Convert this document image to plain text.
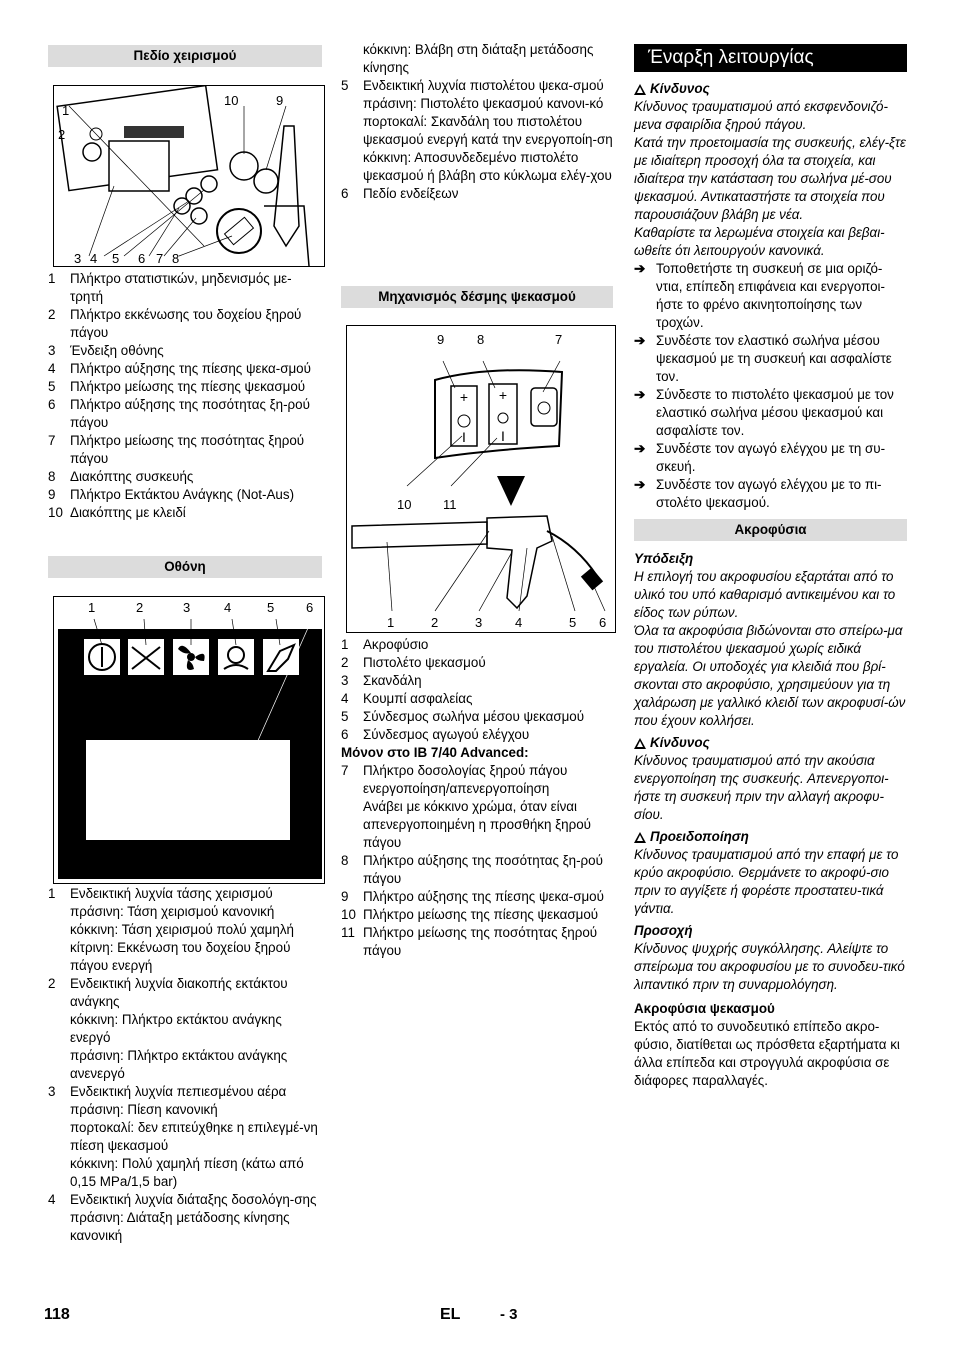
Πεδίο χειρισμού
1
2
10	9
3 4 5 6 7 8
1	Πλήκτρο στατιστικών, μηδενισμός με-τρητή
2	Πλήκτρο εκκένωσης του δοχείου ξηρού πάγου
3	Ένδειξη οθόνης
4	Πλήκτρο αύξησης της πίεσης ψεκα-σμού
5	Πλήκτρο μείωσης της πίεσης ψεκασμού
6	Πλήκτρο αύξησης της ποσότητας ξη-ρού πάγου
7	Πλήκτρο μείωσης της ποσότητας ξηρού πάγου
8	Διακόπτης συσκευής
9	Πλήκτρο Εκτάκτου Ανάγκης (Not-Aus)
10 Διακόπτης με κλειδί
Οθόνη
1	2	3	4	5 6
1	Ενδεικτική λυχνία τάσης χειρισμού
πράσινη: Τάση χειρισμού κανονική
κόκκινη: Τάση χειρισμού πολύ χαμηλή
κίτρινη: Εκκένωση του δοχείου ξηρού πάγου ενεργή
2	Ενδεικτική λυχνία διακοπής εκτάκτου ανάγκης
κόκκινη: Πλήκτρο εκτάκτου ανάγκης ενεργό
πράσινη: Πλήκτρο εκτάκτου ανάγκης ανενεργό
3	Ενδεικτική λυχνία πεπιεσμένου αέρα
πράσινη: Πίεση κανονική
πορτοκαλί: δεν επιτεύχθηκε η επιλεγμέ-νη πίεση ψεκασμού
κόκκινη: Πολύ χαμηλή πίεση (κάτω από 0,15 MPa/1,5 bar)
4	Ενδεικτική λυχνία διάταξης δοσολόγη-σης
πράσινη: Διάταξη μετάδοσης κίνησης κανονική
κόκκινη: Βλάβη στη διάταξη μετάδοσης κίνησης
5	Ενδεικτική λυχνία πιστολέτου ψεκα-σμού
πράσινη: Πιστολέτο ψεκασμού κανονι-κό
πορτοκαλί: Σκανδάλη του πιστολέτου ψεκασμού ενεργή κατά την ενεργοποίη-ση
κόκκινη: Αποσυνδεδεμένο πιστολέτο ψεκασμού ή βλάβη στο κύκλωμα ελέγ-χου
6	Πεδίο ενδείξεων
Μηχανισμός δέσμης ψεκασμού
+
I
+
I
9	8	7
10 11
1	2	3	4	5 6
1	Ακροφύσιο
2	Πιστολέτο ψεκασμού
3	Σκανδάλη
4	Κουμπί ασφαλείας
5	Σύνδεσμος σωλήνα μέσου ψεκασμού
6	Σύνδεσμος αγωγού ελέγχου
Μόνον στο IB 7/40 Advanced:
7	Πλήκτρο δοσολογίας ξηρού πάγου ενεργοποίηση/απενεργοποίηση
Ανάβει με κόκκινο χρώμα, όταν είναι απενεργοποιημένη η προσθήκη ξηρού πάγου
8	Πλήκτρο αύξησης της ποσότητας ξη-ρού πάγου
9	Πλήκτρο αύξησης της πίεσης ψεκα-σμού
10 Πλήκτρο μείωσης της πίεσης ψεκασμού
11 Πλήκτρο μείωσης της ποσότητας ξηρού πάγου
Έναρξη λειτουργίας
Κίνδυνος
Κίνδυνος τραυματισμού από εκσφενδονιζό-μενα σφαιρίδια ξηρού πάγου.
Κατά την προετοιμασία της συσκευής, ελέγ-ξτε με ιδιαίτερη προσοχή όλα τα στοιχεία, και ιδιαίτερα την κατάσταση του σωλήνα μέ-σου ψεκασμού. Αντικαταστήστε τα στοιχεία που παρουσιάζουν βλάβη με νέα.
Καθαρίστε τα λερωμένα στοιχεία και βεβαι-ωθείτε ότι λειτουργούν κανονικά.
➔ Τοποθετήστε τη συσκευή σε μια οριζό-ντια, επίπεδη επιφάνεια και ενεργοποι-ήστε το φρένο ακινητοποίησης των τροχών.
➔ Συνδέστε τον ελαστικό σωλήνα μέσου ψεκασμού με τη συσκευή και ασφαλίστε τον.
➔ Σύνδεστε το πιστολέτο ψεκασμού με τον ελαστικό σωλήνα μέσου ψεκασμού και ασφαλίστε τον.
➔ Συνδέστε τον αγωγό ελέγχου με τη συ-σκευή.
➔ Συνδέστε τον αγωγό ελέγχου με το πι-στολέτο ψεκασμού.
Ακροφύσια
Υπόδειξη
Η επιλογή του ακροφυσίου εξαρτάται από το υλικό του υπό καθαρισμό αντικειμένου και το είδος των ρύπων.
Όλα τα ακροφύσια βιδώνονται στο σπείρω-μα του πιστολέτου ψεκασμού χωρίς ειδικά εργαλεία. Οι υποδοχές για κλειδιά που βρί-σκονται στο ακροφύσιο, χρησιμεύουν για τη χαλάρωση με γαλλικό κλειδί των ακροφυσί-ών που έχουν κολλήσει.
Κίνδυνος
Κίνδυνος τραυματισμού από την ακούσια ενεργοποίηση της συσκευής. Απενεργοποι-ήστε τη συσκευή πριν την αλλαγή ακροφυ-σίου.
Προειδοποίηση
Κίνδυνος τραυματισμού από την επαφή με το κρύο ακροφύσιο. Θερμάνετε το ακροφύ-σιο πριν το αγγίξετε ή φορέστε προστατευ-τικά γάντια.
Προσοχή
Κίνδυνος ψυχρής συγκόλλησης. Αλείψτε το σπείρωμα του ακροφυσίου με το συνοδευ-τικό λιπαντικό πριν τη συναρμολόγηση.
Ακροφύσια ψεκασμού
Εκτός από το συνοδευτικό επίπεδο ακρο-φύσιο, διατίθεται ως πρόσθετα εξαρτήματα κι άλλα επίπεδα και στρογγυλά ακροφύσια σε διάφορες παραλλαγές.
118	EL	- 3
